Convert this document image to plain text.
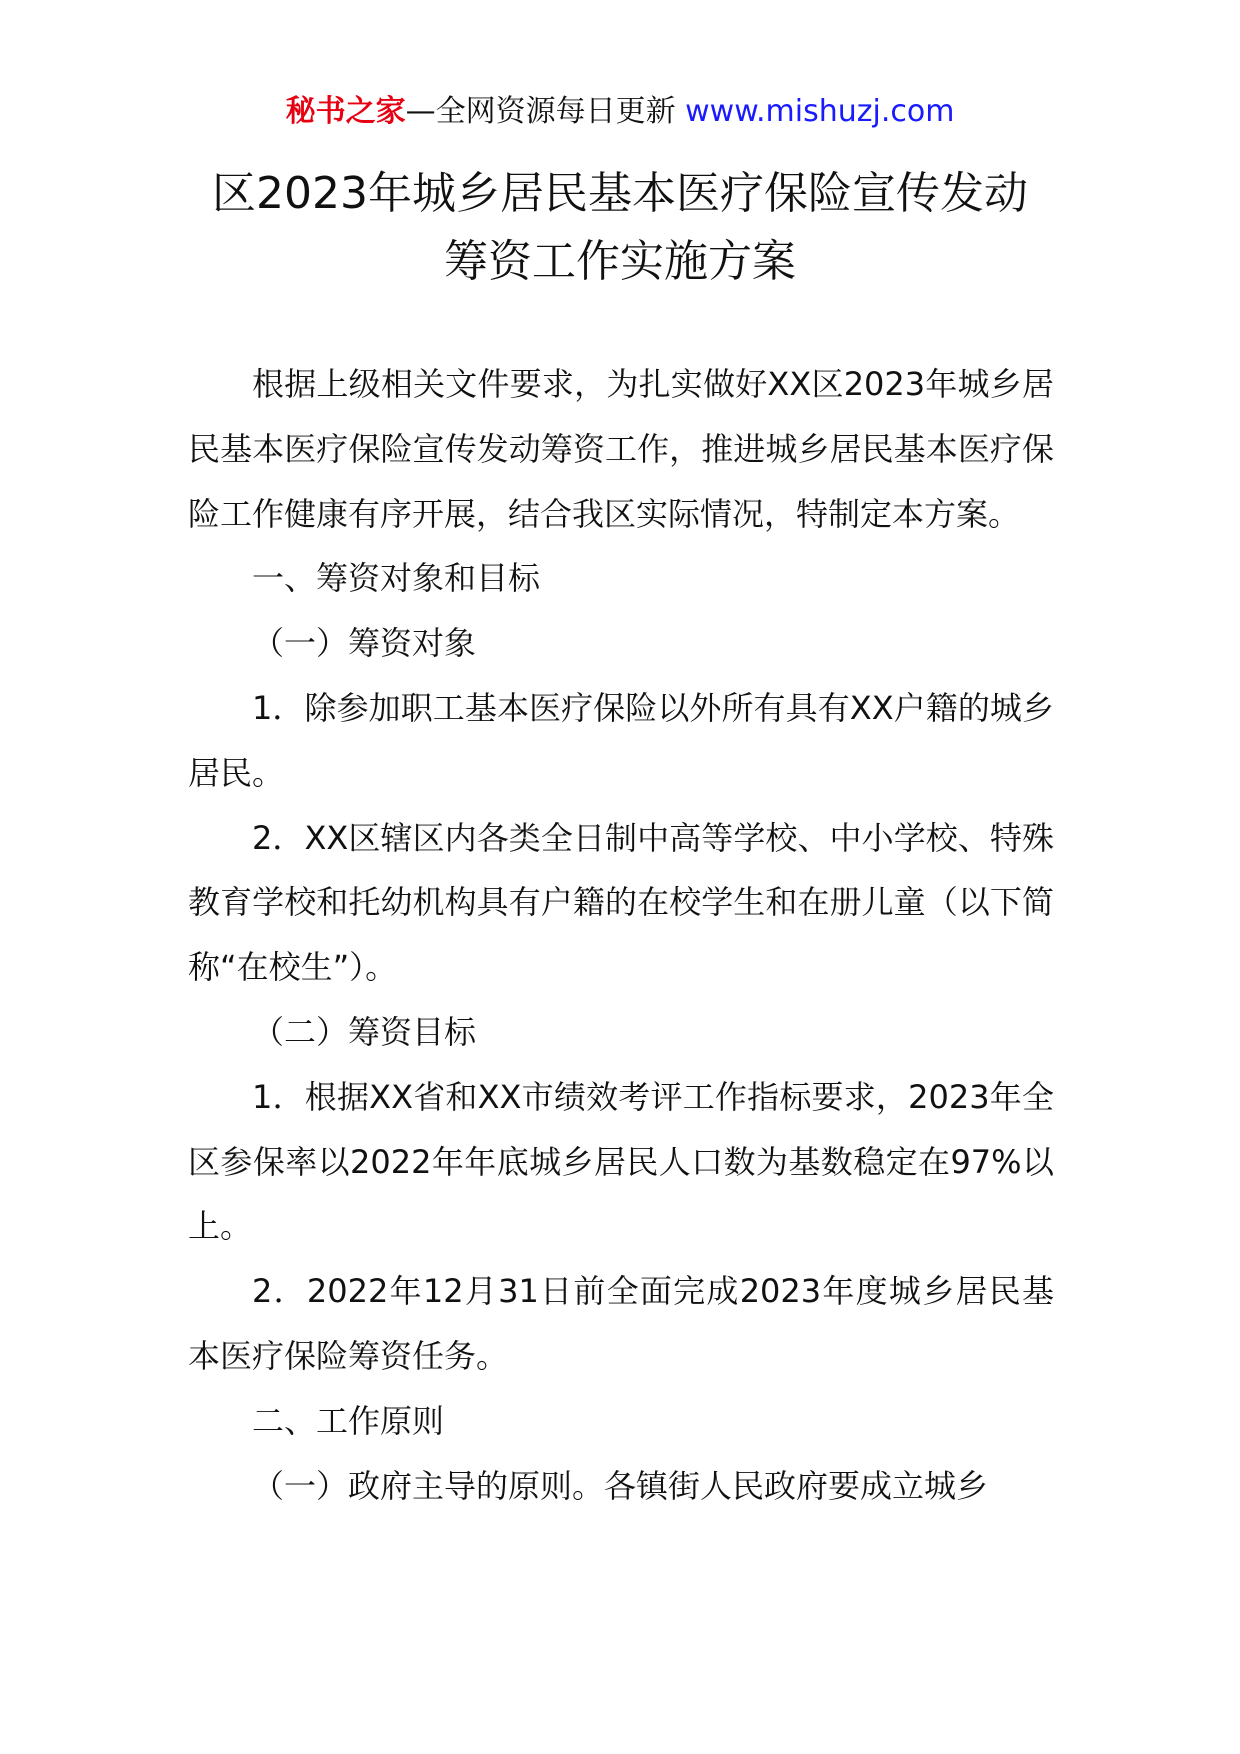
秘书之家—全网资源每日更新 www.mishuzj.com
区2023年城乡居民基本医疗保险宣传发动
筹资工作实施方案

根据上级相关文件要求，为扎实做好XX区2023年城乡居民基本医疗保险宣传发动筹资工作，推进城乡居民基本医疗保险工作健康有序开展，结合我区实际情况，特制定本方案。

一、筹资对象和目标

（一）筹资对象

1．除参加职工基本医疗保险以外所有具有XX户籍的城乡居民。

2．XX区辖区内各类全日制中高等学校、中小学校、特殊教育学校和托幼机构具有户籍的在校学生和在册儿童（以下简称“在校生”）。

（二）筹资目标

1．根据XX省和XX市绩效考评工作指标要求，2023年全区参保率以2022年年底城乡居民人口数为基数稳定在97%以上。

2．2022年12月31日前全面完成2023年度城乡居民基本医疗保险筹资任务。

二、工作原则

（一）政府主导的原则。各镇街人民政府要成立城乡
